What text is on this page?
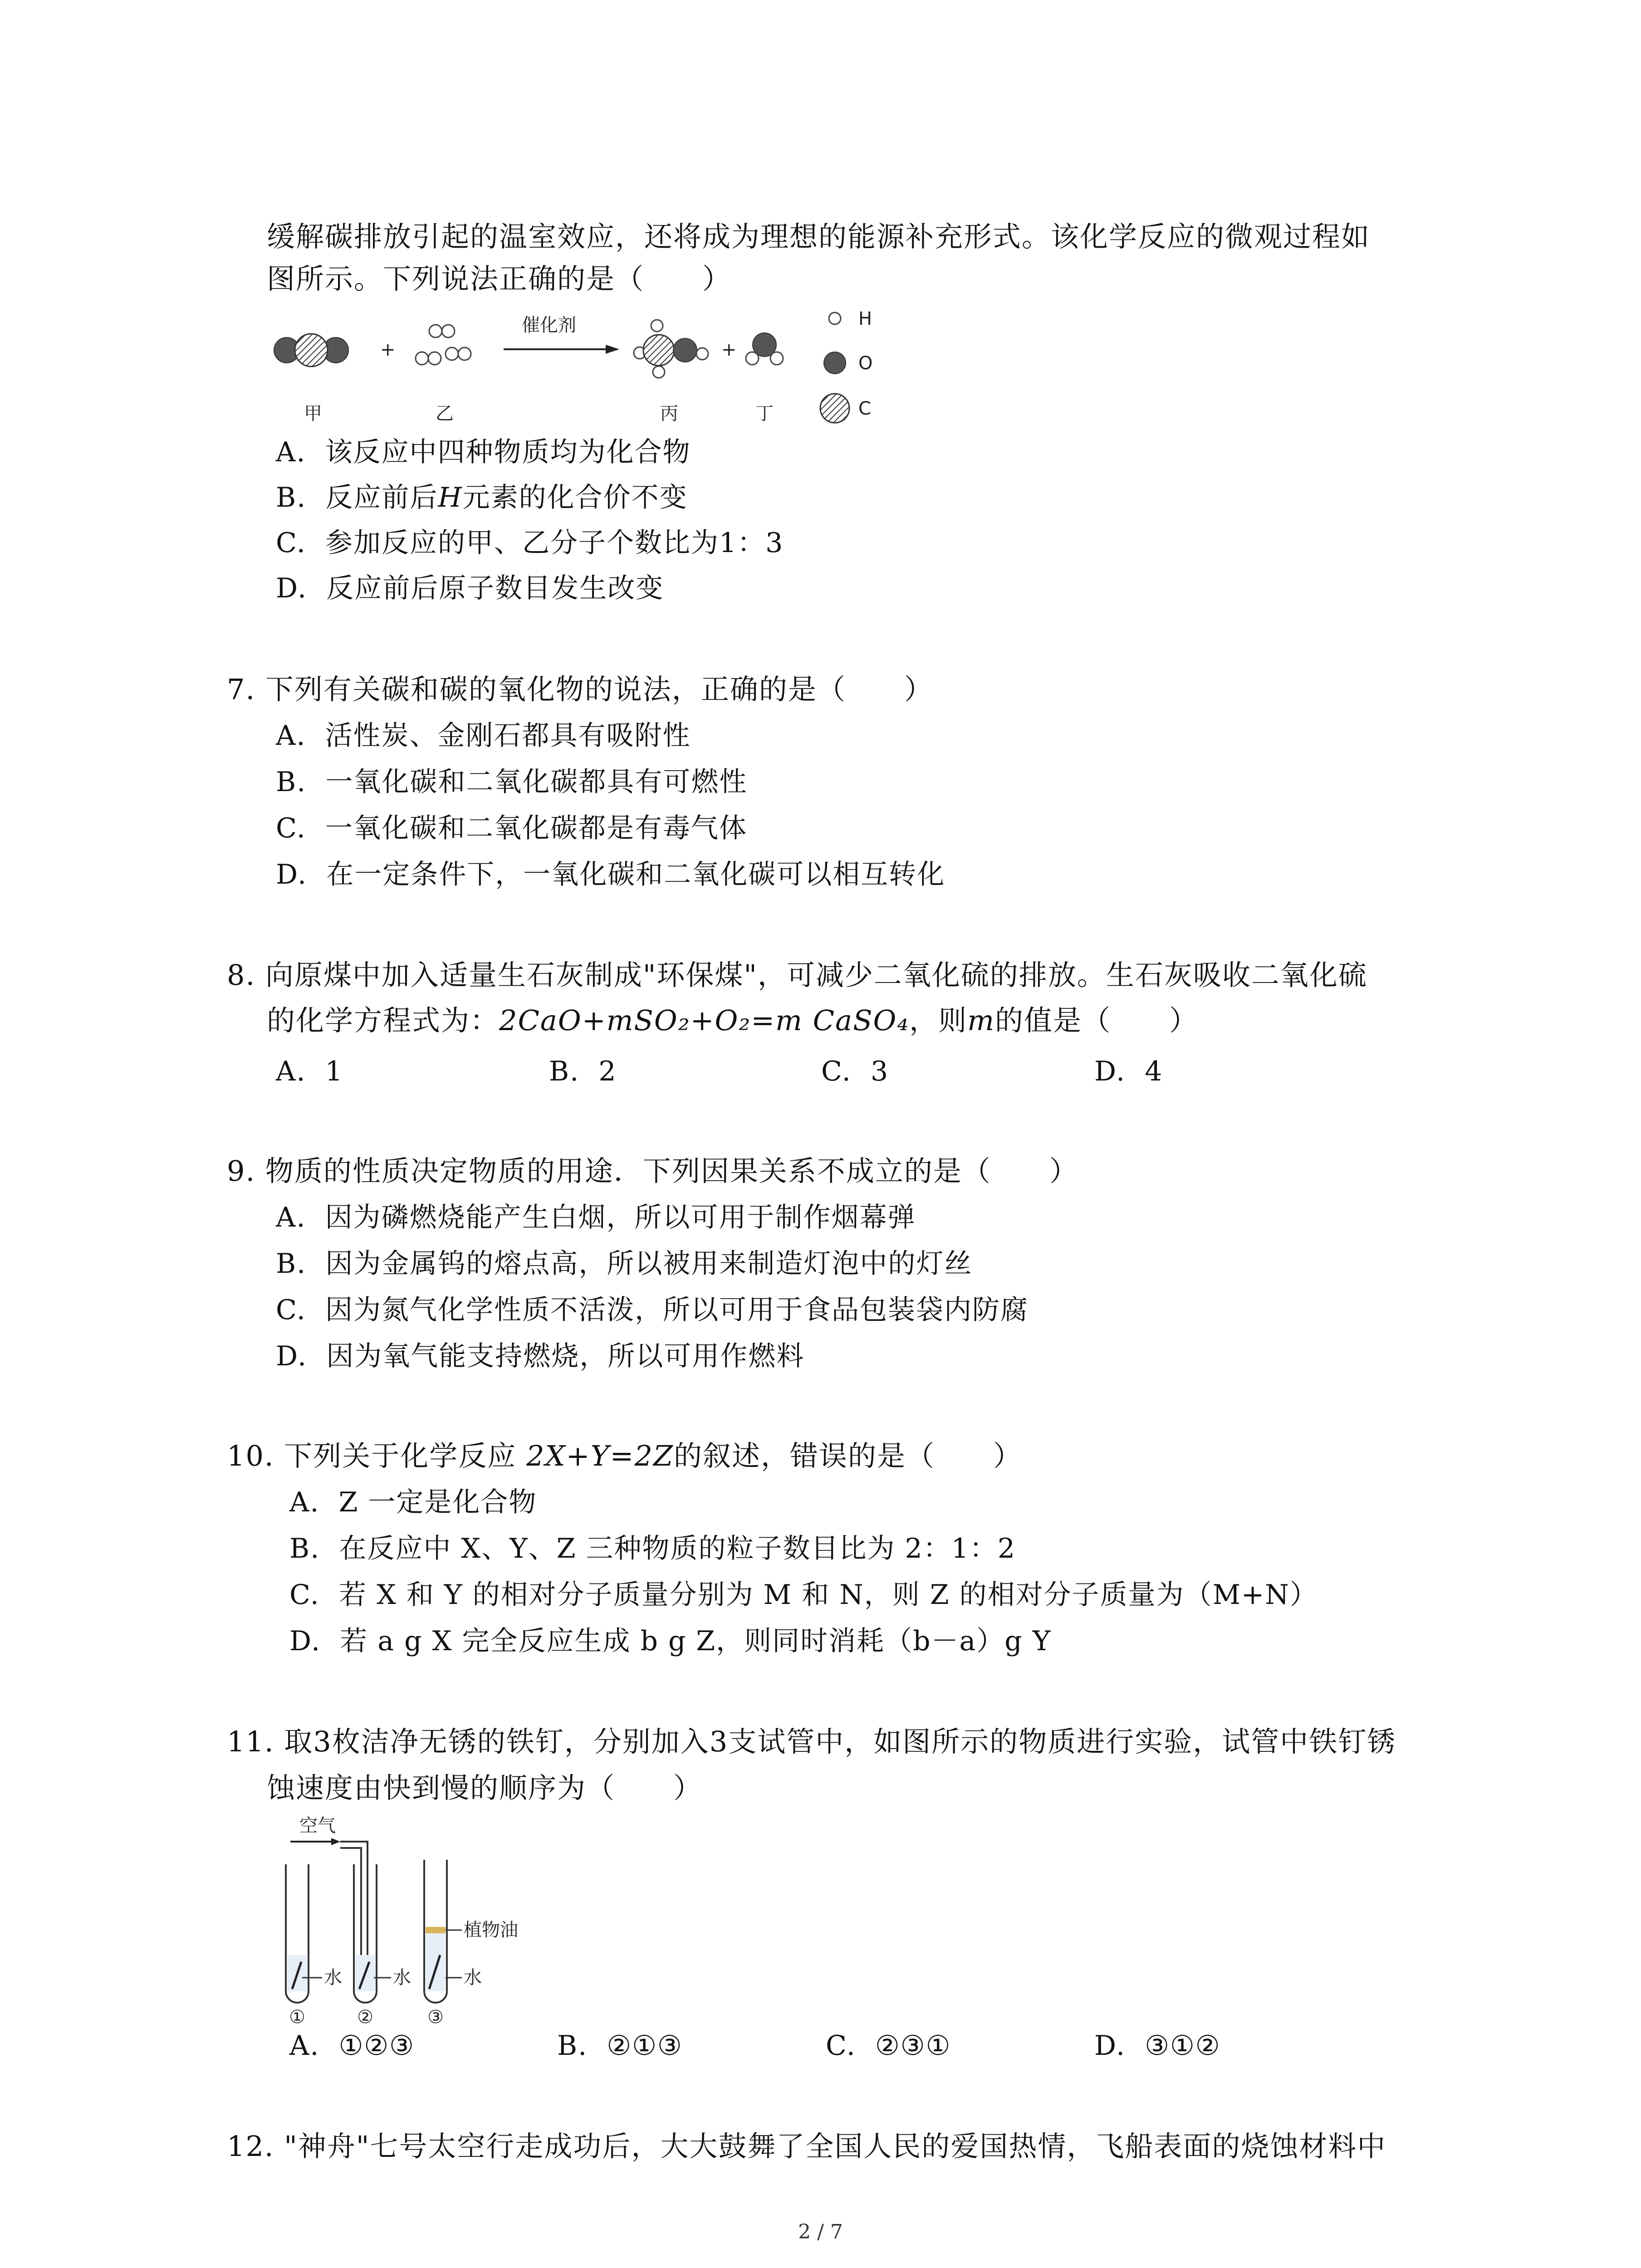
缓解碳排放引起的温室效应，还将成为理想的能源补充形式。该化学反应的微观过程如
图所示。下列说法正确的是（　　）
+
催化剂
+
甲	乙	丙	丁
H
O
C
A. 该反应中四种物质均为化合物
B. 反应前后H元素的化合价不变
C. 参加反应的甲、乙分子个数比为1：3
D. 反应前后原子数目发生改变
7. 下列有关碳和碳的氧化物的说法，正确的是（　　）
A. 活性炭、金刚石都具有吸附性
B. 一氧化碳和二氧化碳都具有可燃性
C. 一氧化碳和二氧化碳都是有毒气体
D. 在一定条件下，一氧化碳和二氧化碳可以相互转化
8. 向原煤中加入适量生石灰制成"环保煤"，可减少二氧化硫的排放。生石灰吸收二氧化硫
的化学方程式为：2CaO+mSO₂+O₂=m CaSO₄，则m的值是（　　）
A. 1	B. 2	C. 3	D. 4
9. 物质的性质决定物质的用途．下列因果关系不成立的是（　　）
A. 因为磷燃烧能产生白烟，所以可用于制作烟幕弹
B. 因为金属钨的熔点高，所以被用来制造灯泡中的灯丝
C. 因为氮气化学性质不活泼，所以可用于食品包装袋内防腐
D. 因为氧气能支持燃烧，所以可用作燃料
10. 下列关于化学反应 2X+Y=2Z的叙述，错误的是（　　）
A. Z 一定是化合物
B. 在反应中 X、Y、Z 三种物质的粒子数目比为 2：1：2
C. 若 X 和 Y 的相对分子质量分别为 M 和 N，则 Z 的相对分子质量为（M+N）
D. 若 a g X 完全反应生成 b g Z，则同时消耗（b－a）g Y
11. 取3枚洁净无锈的铁钉，分别加入3支试管中，如图所示的物质进行实验，试管中铁钉锈
蚀速度由快到慢的顺序为（　　）
空气
水
①
水
②
植物油
水
③
A. ①②③	B. ②①③	C. ②③①	D. ③①②
12. "神舟"七号太空行走成功后，大大鼓舞了全国人民的爱国热情，飞船表面的烧蚀材料中
2 / 7
